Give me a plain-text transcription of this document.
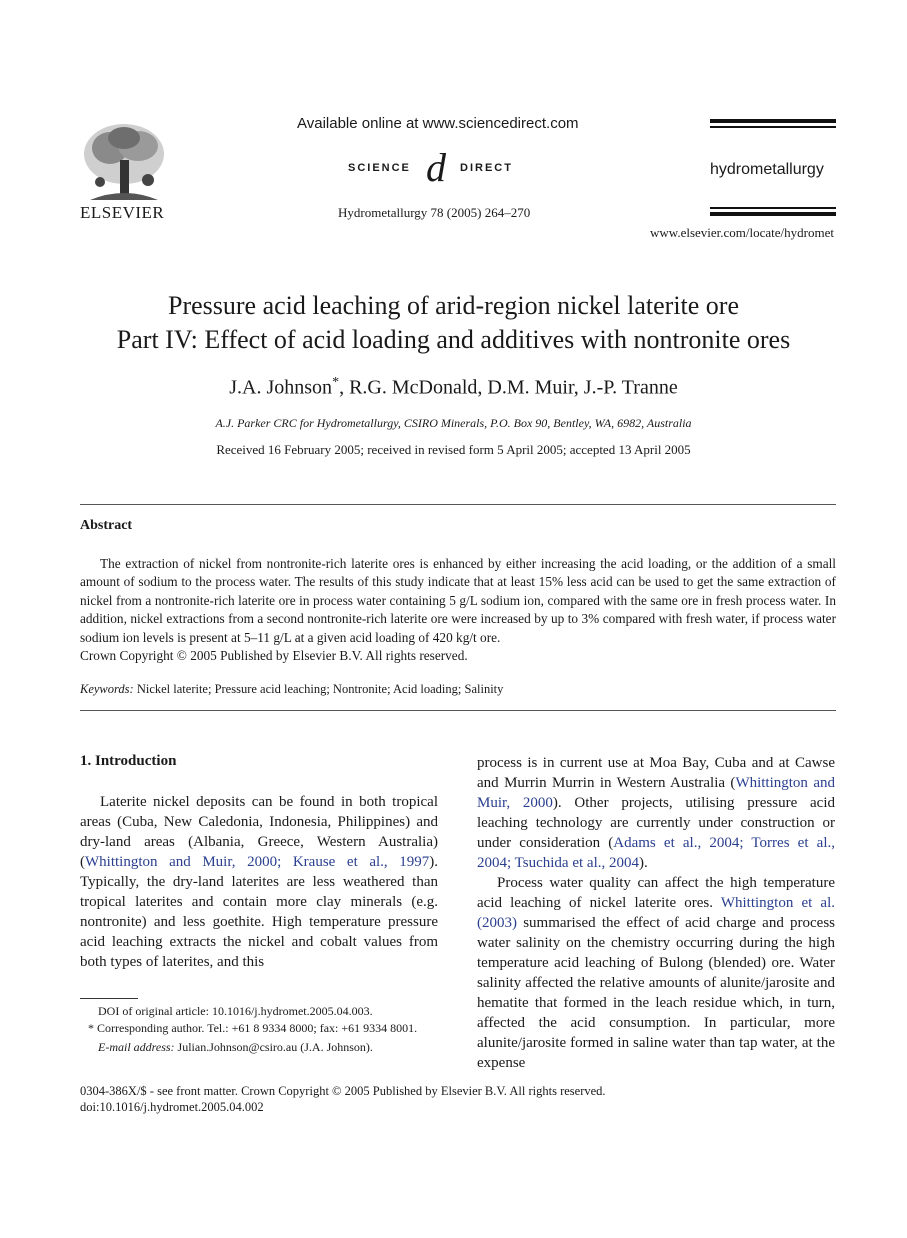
ELSEVIER
Available online at www.sciencedirect.com
SCIENCE d DIRECT
Hydrometallurgy 78 (2005) 264–270
hydrometallurgy
www.elsevier.com/locate/hydromet
Pressure acid leaching of arid-region nickel laterite ore
Part IV: Effect of acid loading and additives with nontronite ores
J.A. Johnson*, R.G. McDonald, D.M. Muir, J.-P. Tranne
A.J. Parker CRC for Hydrometallurgy, CSIRO Minerals, P.O. Box 90, Bentley, WA, 6982, Australia
Received 16 February 2005; received in revised form 5 April 2005; accepted 13 April 2005
Abstract
The extraction of nickel from nontronite-rich laterite ores is enhanced by either increasing the acid loading, or the addition of a small amount of sodium to the process water. The results of this study indicate that at least 15% less acid can be used to get the same extraction of nickel from a nontronite-rich laterite ore in process water containing 5 g/L sodium ion, compared with the same ore in fresh process water. In addition, nickel extractions from a second nontronite-rich laterite ore were increased by up to 3% compared with fresh water, if process water sodium ion levels is present at 5–11 g/L at a given acid loading of 420 kg/t ore.
Crown Copyright © 2005 Published by Elsevier B.V. All rights reserved.
Keywords: Nickel laterite; Pressure acid leaching; Nontronite; Acid loading; Salinity
1. Introduction

Laterite nickel deposits can be found in both tropical areas (Cuba, New Caledonia, Indonesia, Philippines) and dry-land areas (Albania, Greece, Western Australia) (Whittington and Muir, 2000; Krause et al., 1997). Typically, the dry-land laterites are less weathered than tropical laterites and contain more clay minerals (e.g. nontronite) and less goethite. High temperature pressure acid leaching extracts the nickel and cobalt values from both types of laterites, and this

process is in current use at Moa Bay, Cuba and at Cawse and Murrin Murrin in Western Australia (Whittington and Muir, 2000). Other projects, utilising pressure acid leaching technology are currently under construction or under consideration (Adams et al., 2004; Torres et al., 2004; Tsuchida et al., 2004).

Process water quality can affect the high temperature acid leaching of nickel laterite ores. Whittington et al. (2003) summarised the effect of acid charge and process water salinity on the chemistry occurring during the high temperature acid leaching of Bulong (blended) ore. Water salinity affected the relative amounts of alunite/jarosite and hematite that formed in the leach residue which, in turn, affected the acid consumption. In particular, more alunite/jarosite formed in saline water than tap water, at the expense

DOI of original article: 10.1016/j.hydromet.2005.04.003.
* Corresponding author. Tel.: +61 8 9334 8000; fax: +61 9334 8001.
E-mail address: Julian.Johnson@csiro.au (J.A. Johnson).
0304-386X/$ - see front matter. Crown Copyright © 2005 Published by Elsevier B.V. All rights reserved.
doi:10.1016/j.hydromet.2005.04.002
